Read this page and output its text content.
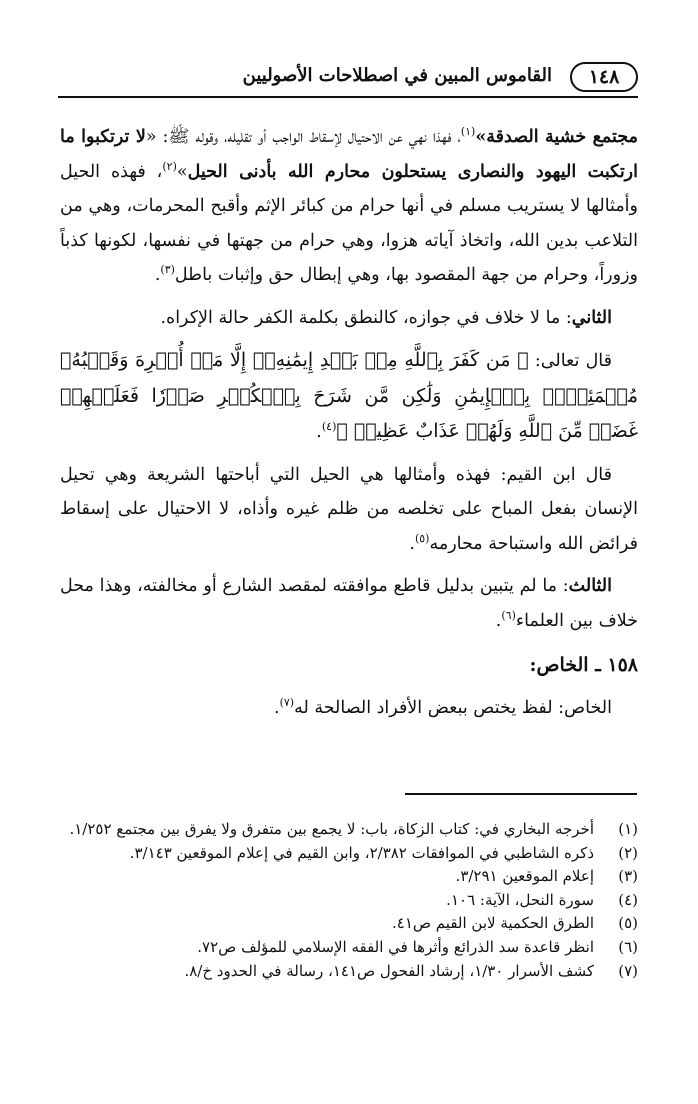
١٤٨
القاموس المبين في اصطلاحات الأصوليين

مجتمع خشية الصدقة»$^{(١)}$، فهذا نهي عن الاحتيال لإسقاط الواجب أو تقليله، وقوله ﷺ: «لا ترتكبوا ما ارتكبت اليهود والنصارى يستحلون محارم الله بأدنى الحيل»$^{(٢)}$، فهذه الحيل وأمثالها لا يستريب مسلم في أنها حرام من كبائر الإثم وأقبح المحرمات، وهي من التلاعب بدين الله، واتخاذ آياته هزوا، وهي حرام من جهتها في نفسها، لكونها كذباً وزوراً، وحرام من جهة المقصود بها، وهي إبطال حق وإثبات باطل$^{(٣)}$.

الثاني: ما لا خلاف في جوازه، كالنطق بكلمة الكفر حالة الإكراه.

قال تعالى: ﴿ مَن كَفَرَ بِٱللَّهِ مِنۢ بَعۡدِ إِيمَٰنِهِۦٓ إِلَّا مَنۡ أُكۡرِهَ وَقَلۡبُهُۥ مُطۡمَئِنُّۢ بِٱلۡإِيمَٰنِ وَلَٰكِن مَّن شَرَحَ بِٱلۡكُفۡرِ صَدۡرٗا فَعَلَيۡهِمۡ غَضَبٞ مِّنَ ٱللَّهِ وَلَهُمۡ عَذَابٌ عَظِيمٞ ﴾$^{(٤)}$.

قال ابن القيم: فهذه وأمثالها هي الحيل التي أباحتها الشريعة وهي تحيل الإنسان بفعل المباح على تخلصه من ظلم غيره وأذاه، لا الاحتيال على إسقاط فرائض الله واستباحة محارمه$^{(٥)}$.

الثالث: ما لم يتبين بدليل قاطع موافقته لمقصد الشارع أو مخالفته، وهذا محل خلاف بين العلماء$^{(٦)}$.

١٥٨ ـ الخاص:

الخاص: لفظ يختص ببعض الأفراد الصالحة له$^{(٧)}$.

(١)
أخرجه البخاري في: كتاب الزكاة، باب: لا يجمع بين متفرق ولا يفرق بين مجتمع ١/٢٥٢.
(٢)
ذكره الشاطبي في الموافقات ٢/٣٨٢، وابن القيم في إعلام الموقعين ٣/١٤٣.
(٣)
إعلام الموقعين ٣/٢٩١.
(٤)
سورة النحل، الآية: ١٠٦.
(٥)
الطرق الحكمية لابن القيم ص٤١.
(٦)
انظر قاعدة سد الذرائع وأثرها في الفقه الإسلامي للمؤلف ص٧٢.
(٧)
كشف الأسرار ١/٣٠، إرشاد الفحول ص١٤١، رسالة في الحدود خ/٨.
